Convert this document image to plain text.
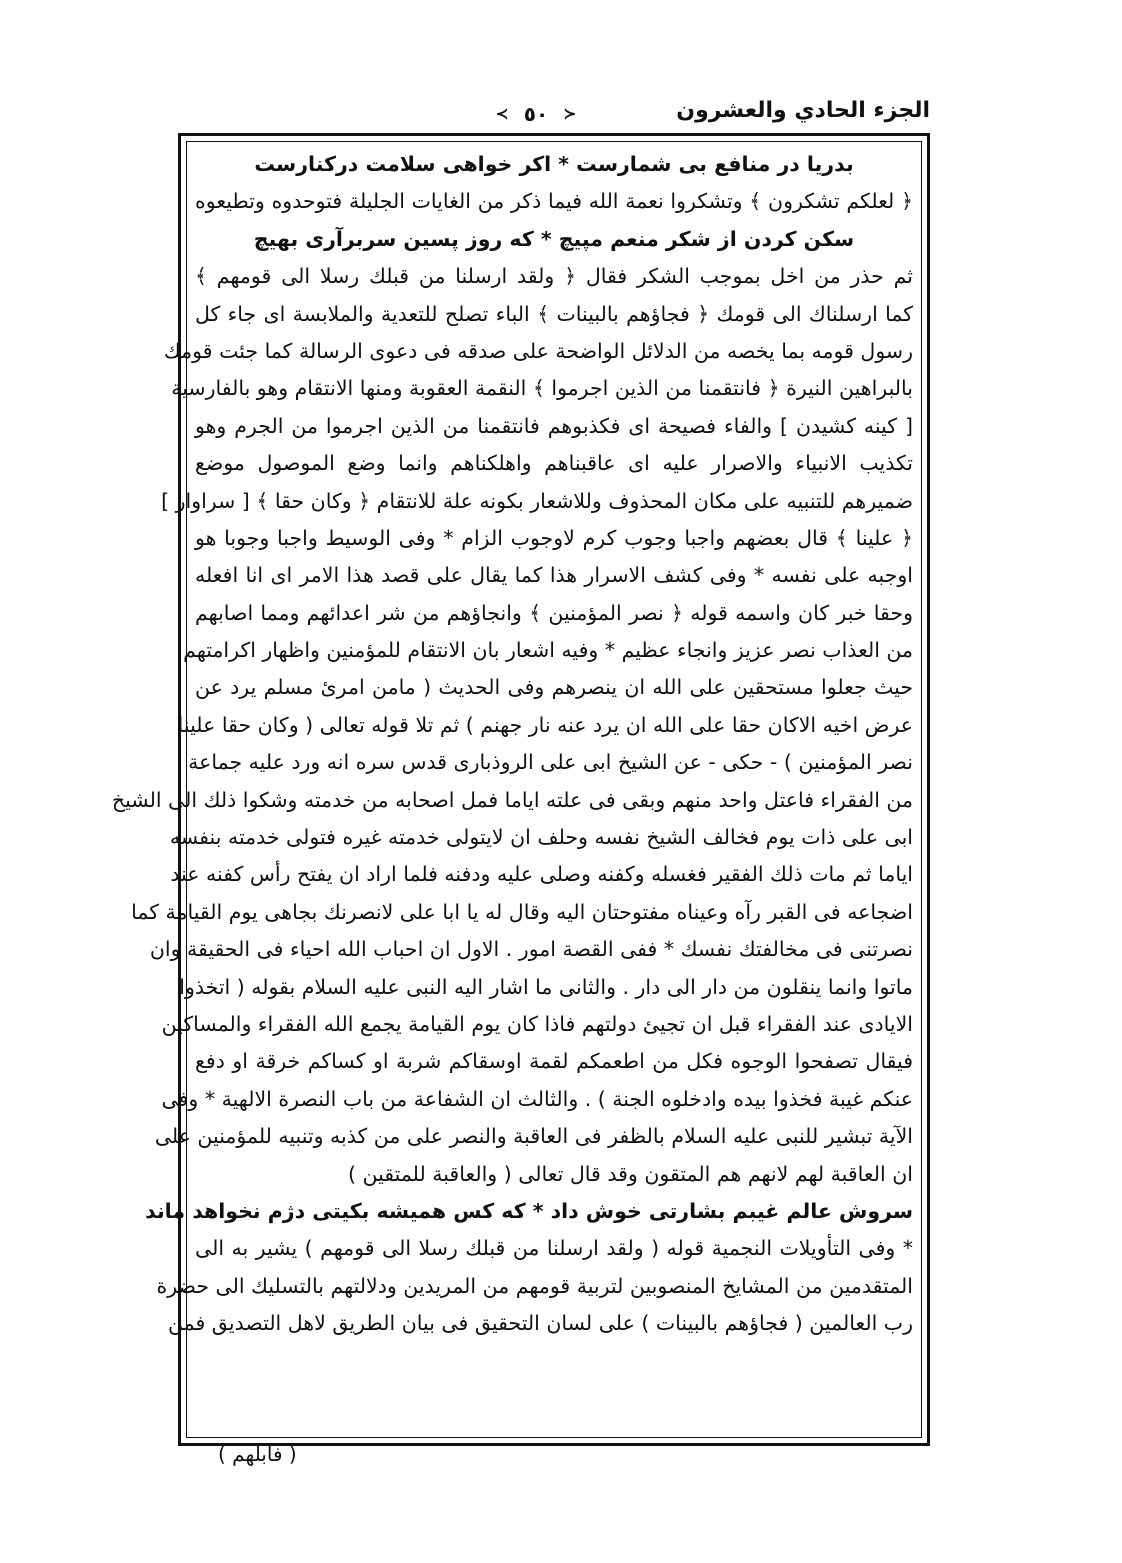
الجزء الحادي والعشرون
≺ ٥٠ ≻
بدريا در منافع بى شمارست * اكر خواهى سلامت دركنارست
﴿ لعلكم تشكرون ﴾ وتشكروا نعمة الله فيما ذكر من الغايات الجليلة فتوحدوه وتطيعوه
سكن كردن از شكر منعم مپيچ * كه روز پسين سربرآرى بهيچ
ثم حذر من اخل بموجب الشكر فقال ﴿ ولقد ارسلنا من قبلك رسلا الى قومهم ﴾
كما ارسلناك الى قومك ﴿ فجاؤهم بالبينات ﴾ الباء تصلح للتعدية والملابسة اى جاء كل
رسول قومه بما يخصه من الدلائل الواضحة على صدقه فى دعوى الرسالة كما جئت قومك
بالبراهين النيرة ﴿ فانتقمنا من الذين اجرموا ﴾ النقمة العقوبة ومنها الانتقام وهو بالفارسية
[ كينه كشيدن ] والفاء فصيحة اى فكذبوهم فانتقمنا من الذين اجرموا من الجرم وهو
تكذيب الانبياء والاصرار عليه اى عاقبناهم واهلكناهم وانما وضع الموصول موضع
ضميرهم للتنبيه على مكان المحذوف وللاشعار بكونه علة للانتقام ﴿ وكان حقا ﴾ [ سراوار ]
﴿ علينا ﴾ قال بعضهم واجبا وجوب كرم لاوجوب الزام * وفى الوسيط واجبا وجوبا هو
اوجبه على نفسه * وفى كشف الاسرار هذا كما يقال على قصد هذا الامر اى انا افعله
وحقا خبر كان واسمه قوله ﴿ نصر المؤمنين ﴾ وانجاؤهم من شر اعدائهم ومما اصابهم
من العذاب نصر عزيز وانجاء عظيم * وفيه اشعار بان الانتقام للمؤمنين واظهار اكرامتهم
حيث جعلوا مستحقين على الله ان ينصرهم وفى الحديث ( مامن امرئ مسلم يرد عن
عرض اخيه الاكان حقا على الله ان يرد عنه نار جهنم ) ثم تلا قوله تعالى ( وكان حقا علينا
نصر المؤمنين ) - حكى - عن الشيخ ابى على الروذبارى قدس سره انه ورد عليه جماعة
من الفقراء فاعتل واحد منهم وبقى فى علته اياما فمل اصحابه من خدمته وشكوا ذلك الى الشيخ
ابى على ذات يوم فخالف الشيخ نفسه وحلف ان لايتولى خدمته غيره فتولى خدمته بنفسه
اياما ثم مات ذلك الفقير فغسله وكفنه وصلى عليه ودفنه فلما اراد ان يفتح رأس كفنه عند
اضجاعه فى القبر رآه وعيناه مفتوحتان اليه وقال له يا ابا على لانصرنك بجاهى يوم القيامة كما
نصرتنى فى مخالفتك نفسك * ففى القصة امور . الاول ان احباب الله احياء فى الحقيقة وان
ماتوا وانما ينقلون من دار الى دار . والثانى ما اشار اليه النبى عليه السلام بقوله ( اتخذوا
الايادى عند الفقراء قبل ان تجيئ دولتهم فاذا كان يوم القيامة يجمع الله الفقراء والمساكين
فيقال تصفحوا الوجوه فكل من اطعمكم لقمة اوسقاكم شربة او كساكم خرقة او دفع
عنكم غيبة فخذوا بيده وادخلوه الجنة ) . والثالث ان الشفاعة من باب النصرة الالهية * وفى
الآية تبشير للنبى عليه السلام بالظفر فى العاقبة والنصر على من كذبه وتنبيه للمؤمنين على
ان العاقبة لهم لانهم هم المتقون وقد قال تعالى ( والعاقبة للمتقين )
سروش عالم غيبم بشارتى خوش داد * كه كس هميشه بكيتى دژم نخواهد ماند
* وفى التأويلات النجمية قوله ( ولقد ارسلنا من قبلك رسلا الى قومهم ) يشير به الى
المتقدمين من المشايخ المنصوبين لتربية قومهم من المريدين ودلالتهم بالتسليك الى حضرة
رب العالمين ( فجاؤهم بالبينات ) على لسان التحقيق فى بيان الطريق لاهل التصديق فمن
( فابلهم )
